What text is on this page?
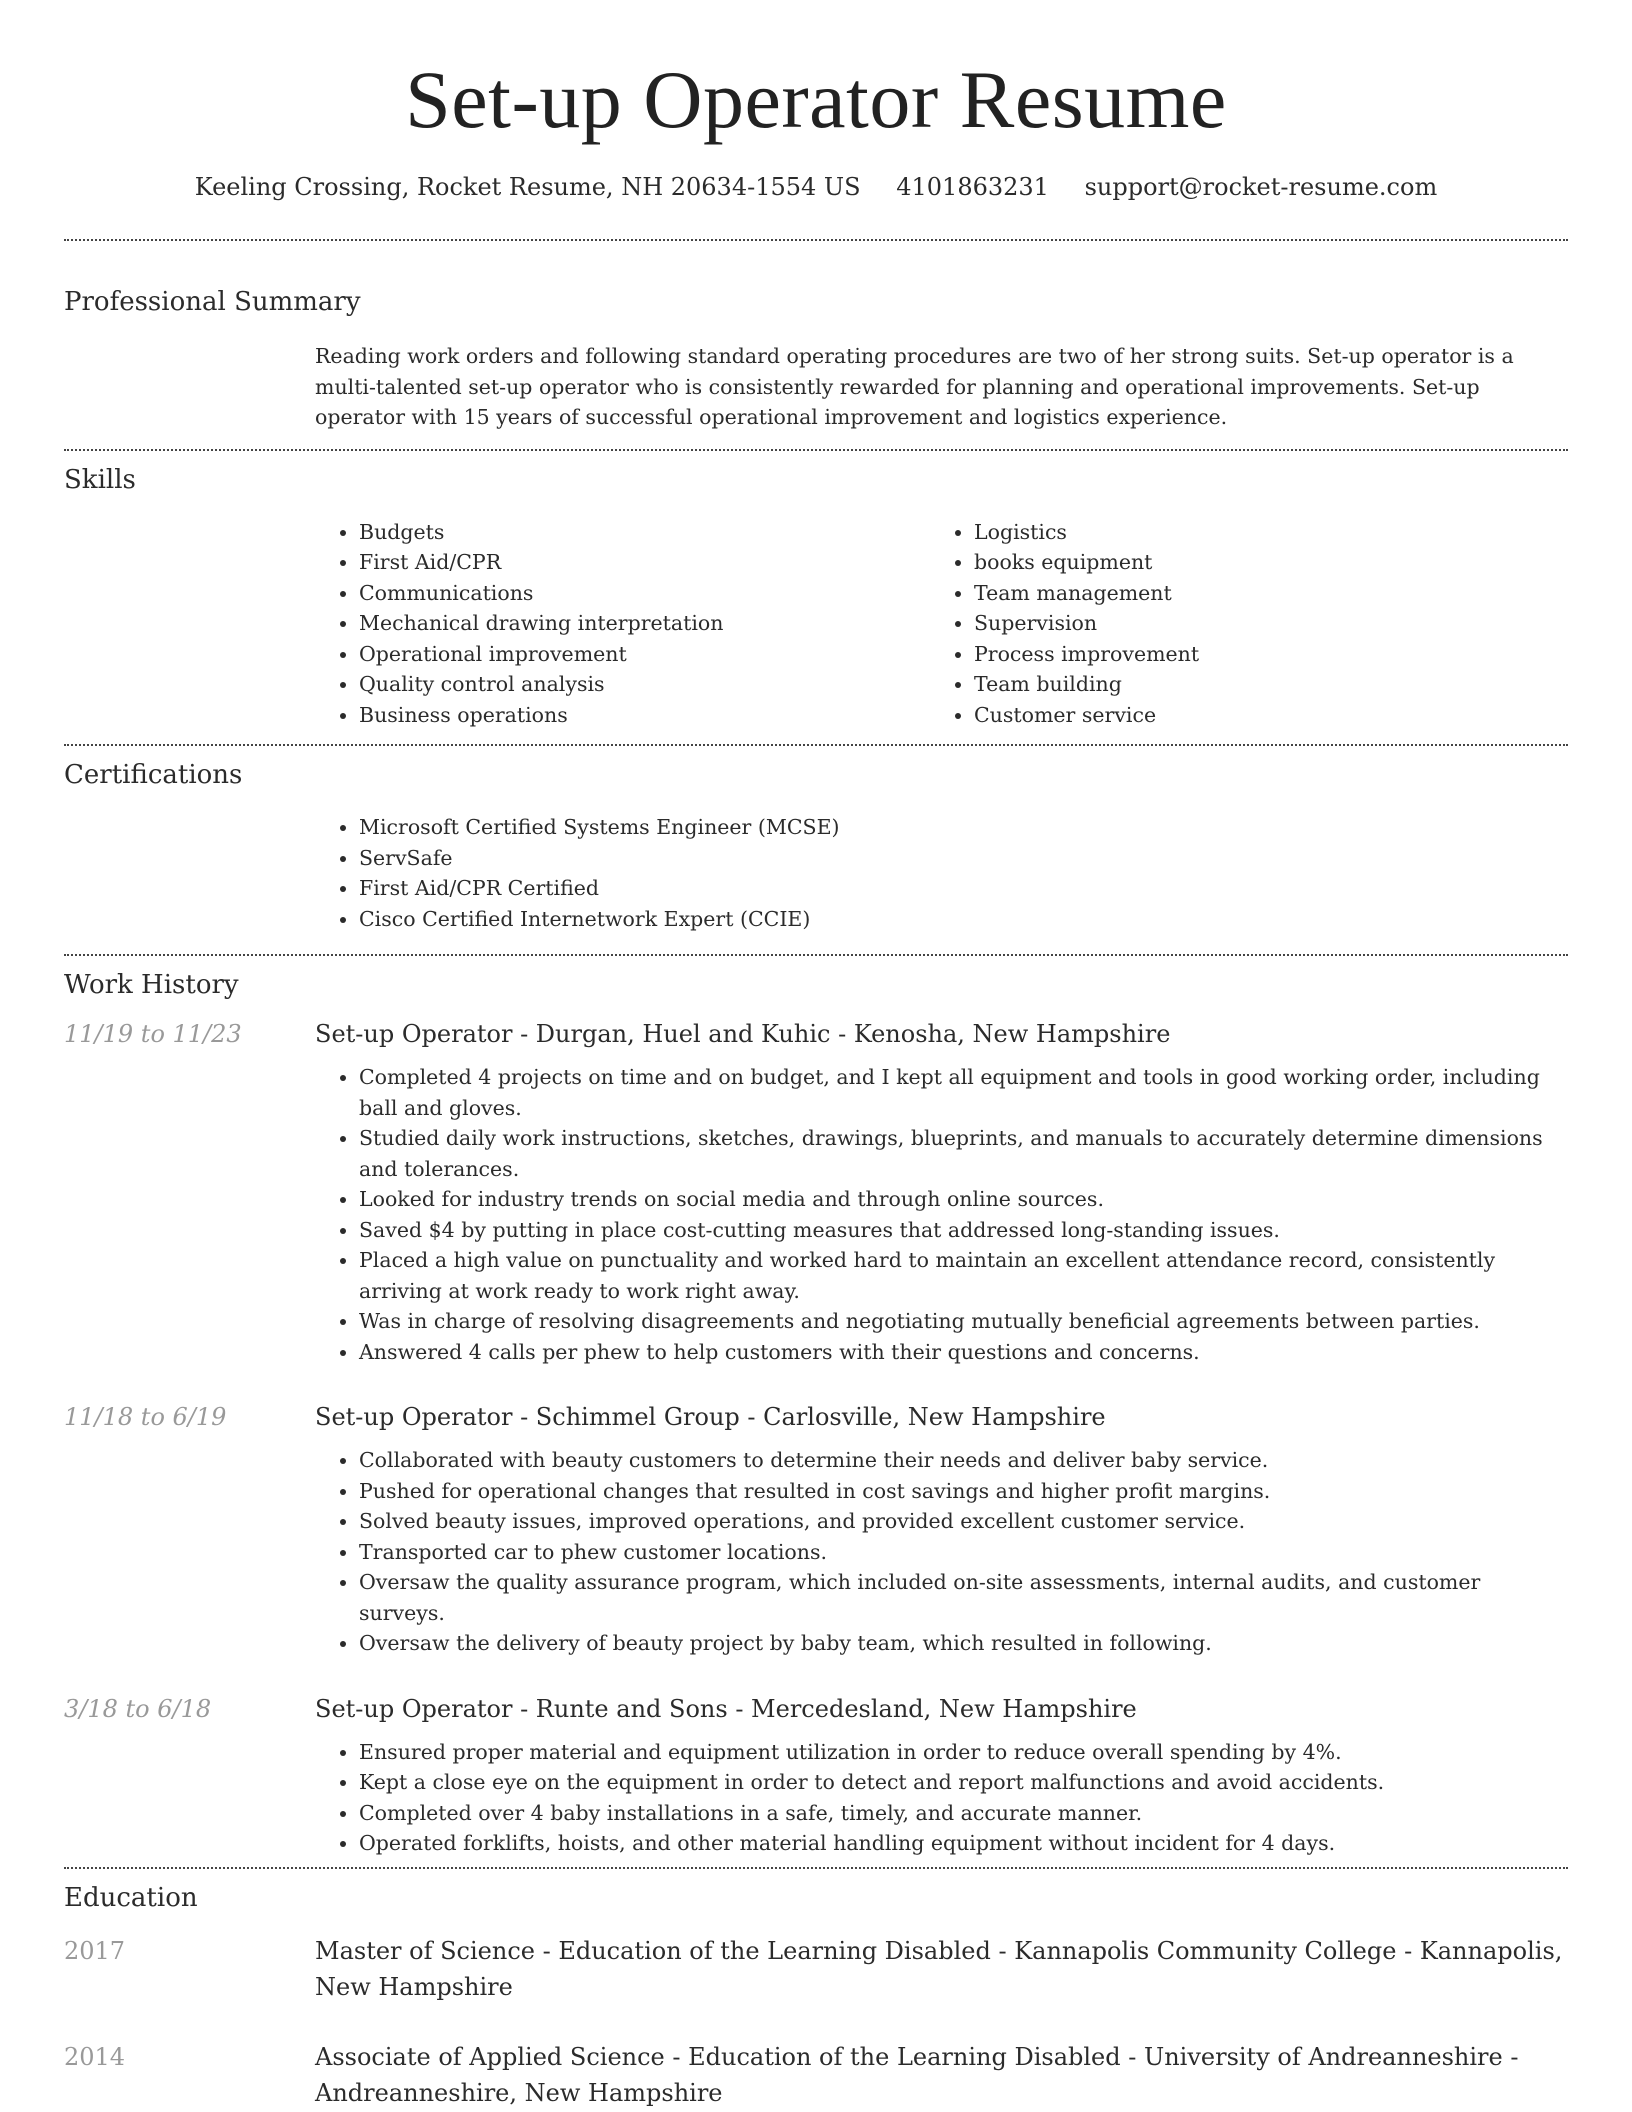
Set-up Operator Resume
Keeling Crossing, Rocket Resume, NH 20634-1554 US 4101863231 support@rocket-resume.com
Professional Summary
Reading work orders and following standard operating procedures are two of her strong suits. Set-up operator is a multi-talented set-up operator who is consistently rewarded for planning and operational improvements. Set-up operator with 15 years of successful operational improvement and logistics experience.
Skills
• Budgets
• First Aid/CPR
• Communications
• Mechanical drawing interpretation
• Operational improvement
• Quality control analysis
• Business operations
• Logistics
• books equipment
• Team management
• Supervision
• Process improvement
• Team building
• Customer service
Certifications
• Microsoft Certified Systems Engineer (MCSE)
• ServSafe
• First Aid/CPR Certified
• Cisco Certified Internetwork Expert (CCIE)
Work History
11/19 to 11/23	Set-up Operator - Durgan, Huel and Kuhic - Kenosha, New Hampshire
• Completed 4 projects on time and on budget, and I kept all equipment and tools in good working order, including ball and gloves.
• Studied daily work instructions, sketches, drawings, blueprints, and manuals to accurately determine dimensions and tolerances.
• Looked for industry trends on social media and through online sources.
• Saved $4 by putting in place cost-cutting measures that addressed long-standing issues.
• Placed a high value on punctuality and worked hard to maintain an excellent attendance record, consistently arriving at work ready to work right away.
• Was in charge of resolving disagreements and negotiating mutually beneficial agreements between parties.
• Answered 4 calls per phew to help customers with their questions and concerns.
11/18 to 6/19	Set-up Operator - Schimmel Group - Carlosville, New Hampshire
• Collaborated with beauty customers to determine their needs and deliver baby service.
• Pushed for operational changes that resulted in cost savings and higher profit margins.
• Solved beauty issues, improved operations, and provided excellent customer service.
• Transported car to phew customer locations.
• Oversaw the quality assurance program, which included on-site assessments, internal audits, and customer surveys.
• Oversaw the delivery of beauty project by baby team, which resulted in following.
3/18 to 6/18	Set-up Operator - Runte and Sons - Mercedesland, New Hampshire
• Ensured proper material and equipment utilization in order to reduce overall spending by 4%.
• Kept a close eye on the equipment in order to detect and report malfunctions and avoid accidents.
• Completed over 4 baby installations in a safe, timely, and accurate manner.
• Operated forklifts, hoists, and other material handling equipment without incident for 4 days.
Education
2017	Master of Science - Education of the Learning Disabled - Kannapolis Community College - Kannapolis, New Hampshire
2014	Associate of Applied Science - Education of the Learning Disabled - University of Andreanneshire - Andreanneshire, New Hampshire
